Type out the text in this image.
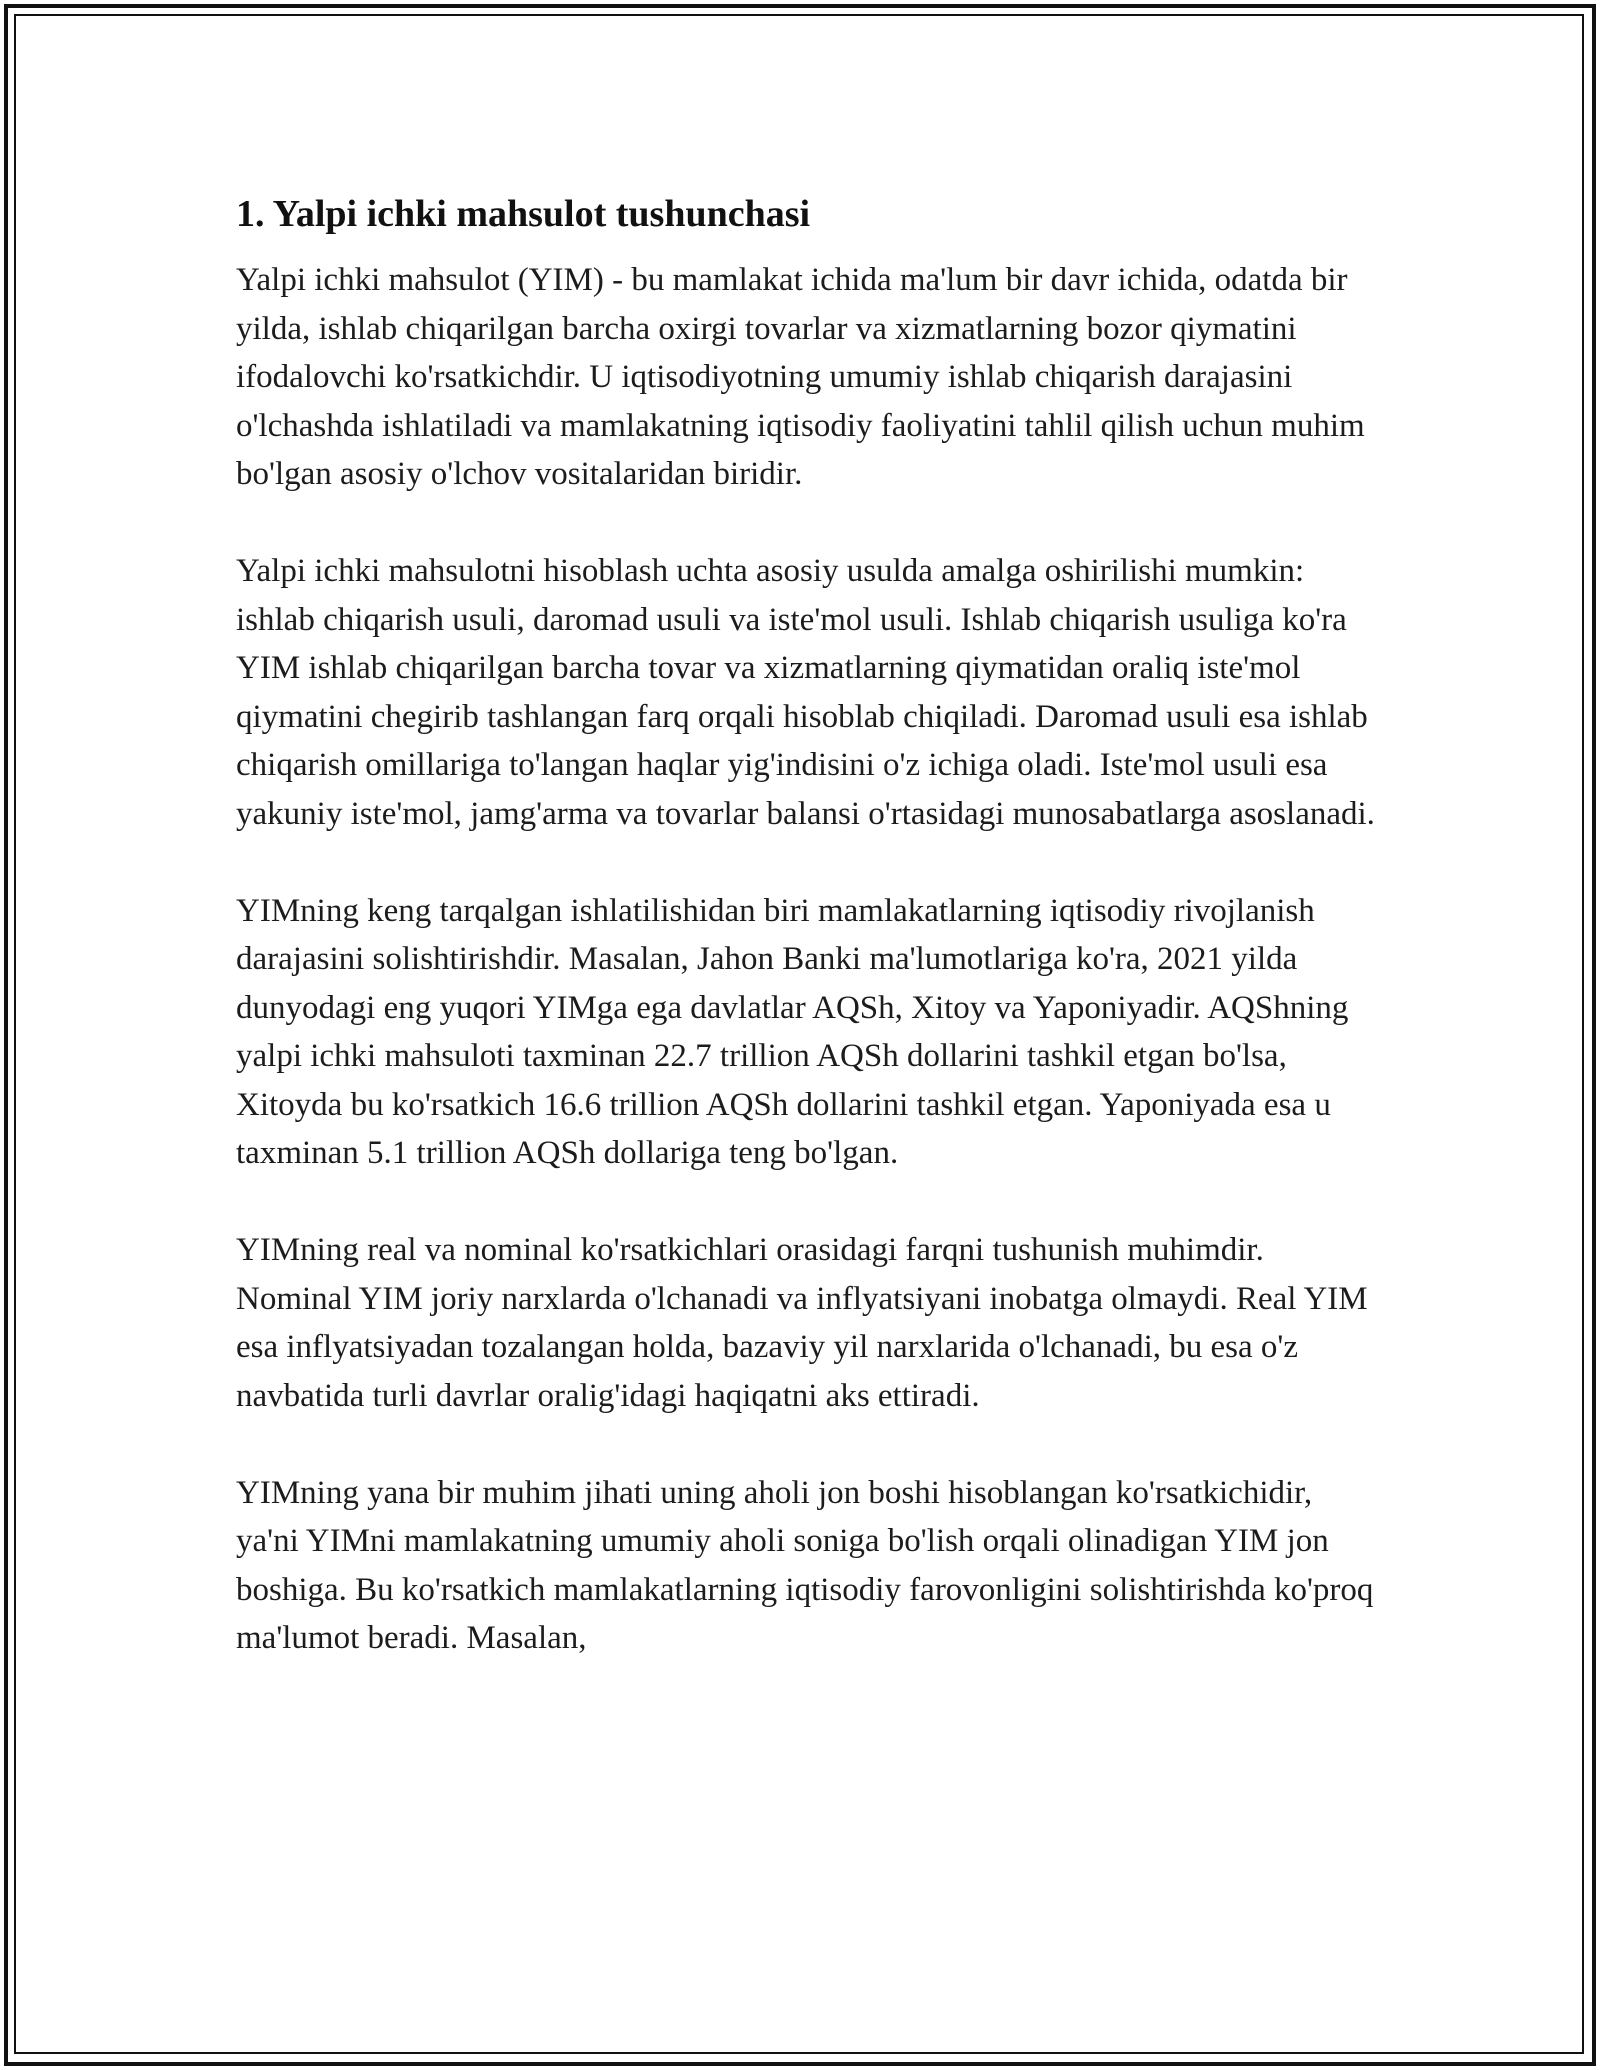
1. Yalpi ichki mahsulot tushunchasi

Yalpi ichki mahsulot (YIM) - bu mamlakat ichida ma'lum bir davr ichida, odatda bir yilda, ishlab chiqarilgan barcha oxirgi tovarlar va xizmatlarning bozor qiymatini ifodalovchi ko'rsatkichdir. U iqtisodiyotning umumiy ishlab chiqarish darajasini o'lchashda ishlatiladi va mamlakatning iqtisodiy faoliyatini tahlil qilish uchun muhim bo'lgan asosiy o'lchov vositalaridan biridir.

Yalpi ichki mahsulotni hisoblash uchta asosiy usulda amalga oshirilishi mumkin: ishlab chiqarish usuli, daromad usuli va iste'mol usuli. Ishlab chiqarish usuliga ko'ra YIM ishlab chiqarilgan barcha tovar va xizmatlarning qiymatidan oraliq iste'mol qiymatini chegirib tashlangan farq orqali hisoblab chiqiladi. Daromad usuli esa ishlab chiqarish omillariga to'langan haqlar yig'indisini o'z ichiga oladi. Iste'mol usuli esa yakuniy iste'mol, jamg'arma va tovarlar balansi o'rtasidagi munosabatlarga asoslanadi.

YIMning keng tarqalgan ishlatilishidan biri mamlakatlarning iqtisodiy rivojlanish darajasini solishtirishdir. Masalan, Jahon Banki ma'lumotlariga ko'ra, 2021 yilda dunyodagi eng yuqori YIMga ega davlatlar AQSh, Xitoy va Yaponiyadir. AQShning yalpi ichki mahsuloti taxminan 22.7 trillion AQSh dollarini tashkil etgan bo'lsa, Xitoyda bu ko'rsatkich 16.6 trillion AQSh dollarini tashkil etgan. Yaponiyada esa u taxminan 5.1 trillion AQSh dollariga teng bo'lgan.

YIMning real va nominal ko'rsatkichlari orasidagi farqni tushunish muhimdir. Nominal YIM joriy narxlarda o'lchanadi va inflyatsiyani inobatga olmaydi. Real YIM esa inflyatsiyadan tozalangan holda, bazaviy yil narxlarida o'lchanadi, bu esa o'z navbatida turli davrlar oralig'idagi haqiqatni aks ettiradi.

YIMning yana bir muhim jihati uning aholi jon boshi hisoblangan ko'rsatkichidir, ya'ni YIMni mamlakatning umumiy aholi soniga bo'lish orqali olinadigan YIM jon boshiga. Bu ko'rsatkich mamlakatlarning iqtisodiy farovonligini solishtirishda ko'proq ma'lumot beradi. Masalan,
